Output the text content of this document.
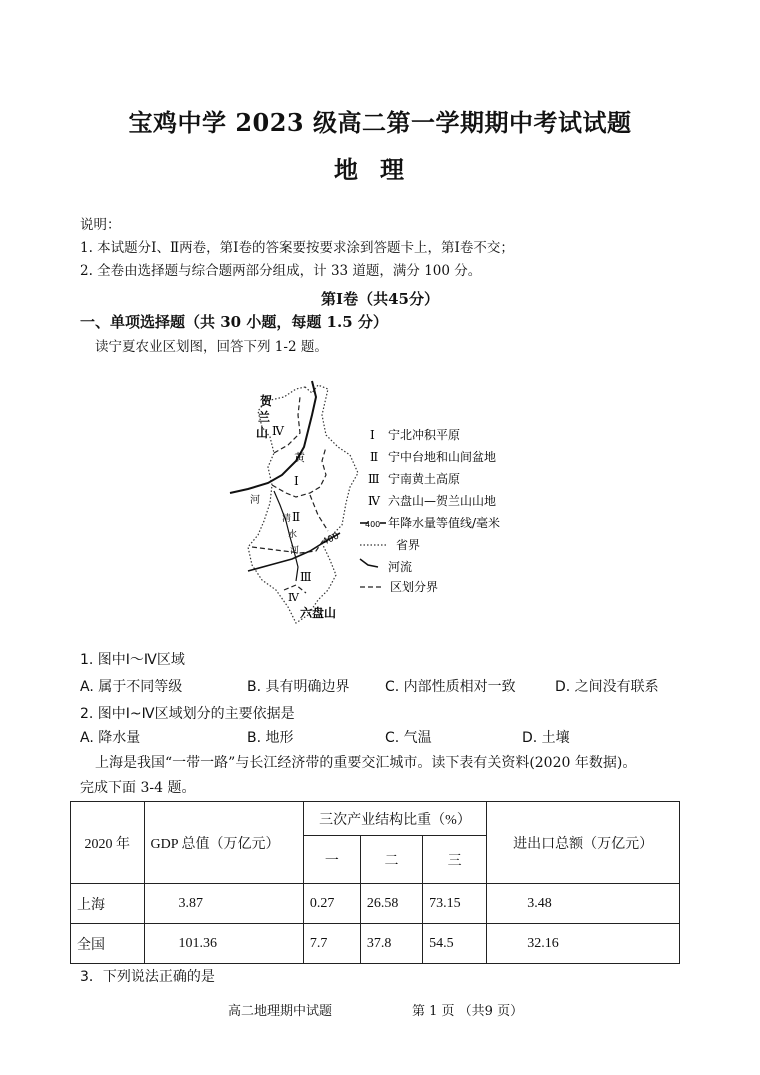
宝鸡中学 2023 级高二第一学期期中考试试题
地理
说明：
1. 本试题分Ⅰ、Ⅱ两卷，第Ⅰ卷的答案要按要求涂到答题卡上，第Ⅰ卷不交；
2. 全卷由选择题与综合题两部分组成，计 33 道题，满分 100 分。
第Ⅰ卷（共45分）
一、单项选择题（共 30 小题，每题 1.5 分）
读宁夏农业区划图，回答下列 1-2 题。
贺
兰
山 Ⅳ
黄
Ⅰ
河
清 Ⅱ
水
河
400
Ⅲ
Ⅳ
六盘山
Ⅰ 宁北冲积平原
Ⅱ 宁中台地和山间盆地
Ⅲ 宁南黄土高原
Ⅳ 六盘山—贺兰山山地
400 年降水量等值线/毫米
省界
河流
区划分界
1. 图中Ⅰ～Ⅳ区域
A. 属于不同等级	B. 具有明确边界	C. 内部性质相对一致	D. 之间没有联系
2. 图中Ⅰ~Ⅳ区域划分的主要依据是
A. 降水量	B. 地形	C. 气温	D. 土壤
上海是我国“一带一路”与长江经济带的重要交汇城市。读下表有关资料(2020 年数据)。
完成下面 3-4 题。
2020 年	GDP 总值（万亿元）	三次产业结构比重（%）			进出口总额（万亿元）
		一	二	三	
上海	3.87	0.27	26.58	73.15	3.48
全国	101.36	7.7	37.8	54.5	32.16
3．下列说法正确的是
高二地理期中试题	第 1 页 （共9 页）
